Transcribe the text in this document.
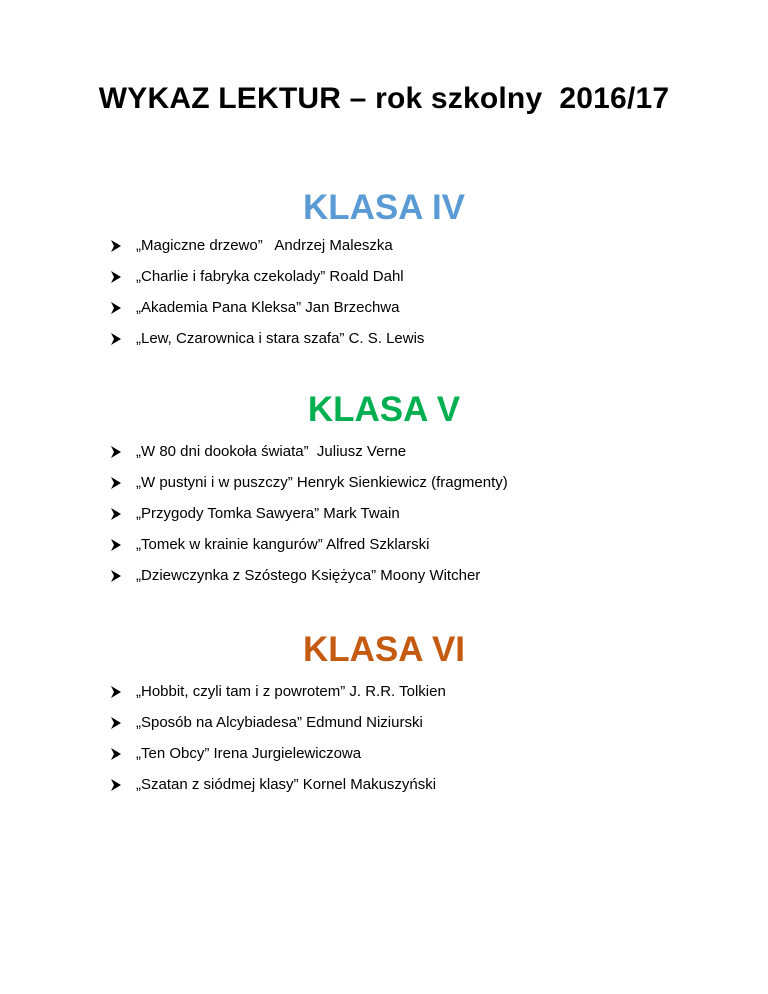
WYKAZ LEKTUR – rok szkolny  2016/17
KLASA IV
„Magiczne drzewo”   Andrzej Maleszka
„Charlie i fabryka czekolady” Roald Dahl
„Akademia Pana Kleksa” Jan Brzechwa
„Lew, Czarownica i stara szafa” C. S. Lewis
KLASA V
„W 80 dni dookoła świata”  Juliusz Verne
„W pustyni i w puszczy” Henryk Sienkiewicz (fragmenty)
„Przygody Tomka Sawyera” Mark Twain
„Tomek w krainie kangurów” Alfred Szklarski
„Dziewczynka z Szóstego Księżyca” Moony Witcher
KLASA VI
„Hobbit, czyli tam i z powrotem” J. R.R. Tolkien
„Sposób na Alcybiadesa” Edmund Niziurski
„Ten Obcy” Irena Jurgielewiczowa
„Szatan z siódmej klasy” Kornel Makuszyński
